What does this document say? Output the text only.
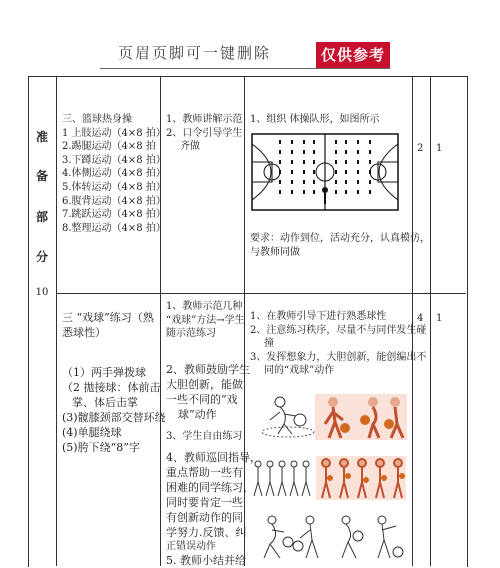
页眉页脚可一键删除	仅供参考
准
备
部
分
10
三、篮球热身操
1 上肢运动（4×8 拍）
2.踢腿运动（4×8 拍
3.下蹲运动（4×8 拍）
4.体侧运动（4×8 拍）
5.体转运动（4×8 拍）
6.腹背运动（4×8 拍）
7.跳跃运动（4×8 拍）
8.整理运动（4×8 拍）
1、教师讲解示范
2、口令引导学生
齐做
1、组织 体操队形，如图所示
要求：动作到位，活动充分，认真模仿，
与教师同做
2 1
三 “戏球”练习（熟
悉球性）
（1）两手弹拨球
（2 拋接球：体前击
掌、体后击掌
(3)髋膝颈部交替环绕
(4)单腿绕球
(5)胯下绕“8”字
1、教师示范几种
“戏球”方法→学生
随示范练习
2、教师鼓励学生
大胆创新，能做
一些不同的“戏
球”动作
3、学生自由练习
4、教师巡回指导，
重点帮助一些有
困难的同学练习，
同时要肯定一些
有创新动作的同
学努力.反馈、纠
正错误动作
5. 教师小结并给
1、在教师引导下进行熟悉球性
2、注意练习秩序，尽量不与同伴发生碰
撞
3、发挥想象力，大胆创新，能创编出不
同的“戏球”动作
4 1
